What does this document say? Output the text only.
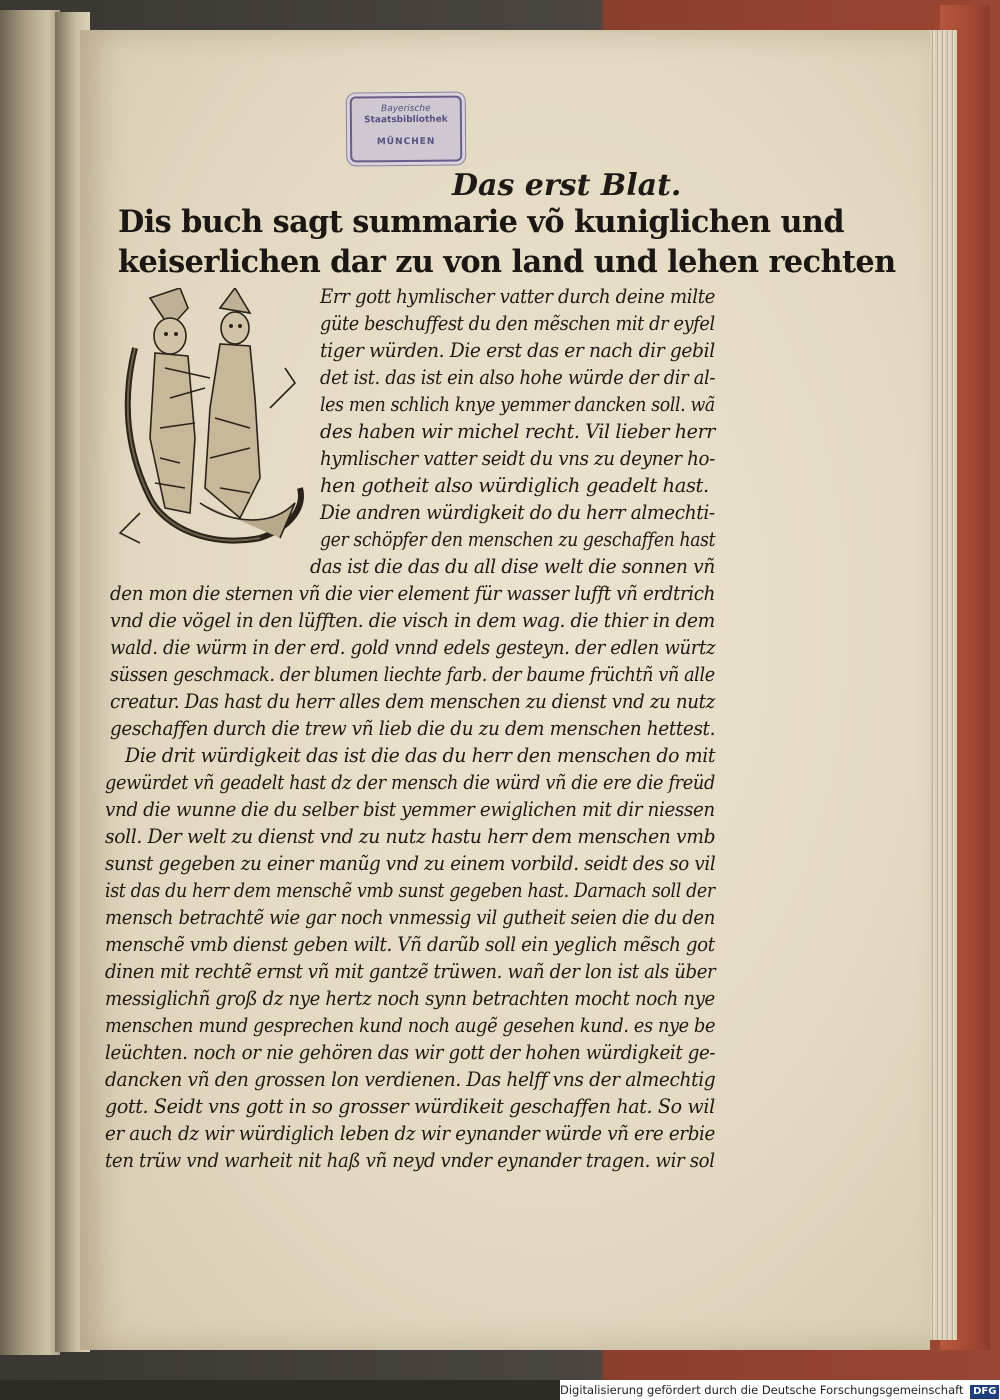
Bayerische
Staatsbibliothek
MÜNCHEN
Das erst Blat.
Dis buch sagt summarie võ kuniglichen und
keiserlichen dar zu von land und lehen rechten
Err gott hymlischer vatter durch deine milte
güte beschuffest du den mẽschen mit dr eyfel
tiger würden. Die erst das er nach dir gebil
det ist. das ist ein also hohe würde der dir al-
les men schlich knye yemmer dancken soll. wã
des haben wir michel recht. Vil lieber herr
hymlischer vatter seidt du vns zu deyner ho-
hen gotheit also würdiglich geadelt hast.
Die andren würdigkeit do du herr almechti-
ger schöpfer den menschen zu geschaffen hast
das ist die das du all dise welt die sonnen vñ
den mon die sternen vñ die vier element für wasser lufft vñ erdtrich
vnd die vögel in den lüfften. die visch in dem wag. die thier in dem
wald. die würm in der erd. gold vnnd edels gesteyn. der edlen würtz
süssen geschmack. der blumen liechte farb. der baume früchtñ vñ alle
creatur. Das hast du herr alles dem menschen zu dienst vnd zu nutz
geschaffen durch die trew vñ lieb die du zu dem menschen hettest.
Die drit würdigkeit das ist die das du herr den menschen do mit
gewürdet vñ geadelt hast dz der mensch die würd vñ die ere die freüd
vnd die wunne die du selber bist yemmer ewiglichen mit dir niessen
soll. Der welt zu dienst vnd zu nutz hastu herr dem menschen vmb
sunst gegeben zu einer manũg vnd zu einem vorbild. seidt des so vil
ist das du herr dem menschẽ vmb sunst gegeben hast. Darnach soll der
mensch betrachtẽ wie gar noch vnmessig vil gutheit seien die du den
menschẽ vmb dienst geben wilt. Vñ darũb soll ein yeglich mẽsch got
dinen mit rechtẽ ernst vñ mit gantzẽ trüwen. wañ der lon ist als über
messiglichñ groß dz nye hertz noch synn betrachten mocht noch nye
menschen mund gesprechen kund noch augẽ gesehen kund. es nye be
leüchten. noch or nie gehören das wir gott der hohen würdigkeit ge-
dancken vñ den grossen lon verdienen. Das helff vns der almechtig
gott. Seidt vns gott in so grosser würdikeit geschaffen hat. So wil
er auch dz wir würdiglich leben dz wir eynander würde vñ ere erbie
ten trüw vnd warheit nit haß vñ neyd vnder eynander tragen. wir sol
Digitalisierung gefördert durch die Deutsche Forschungsgemeinschaft DFG
